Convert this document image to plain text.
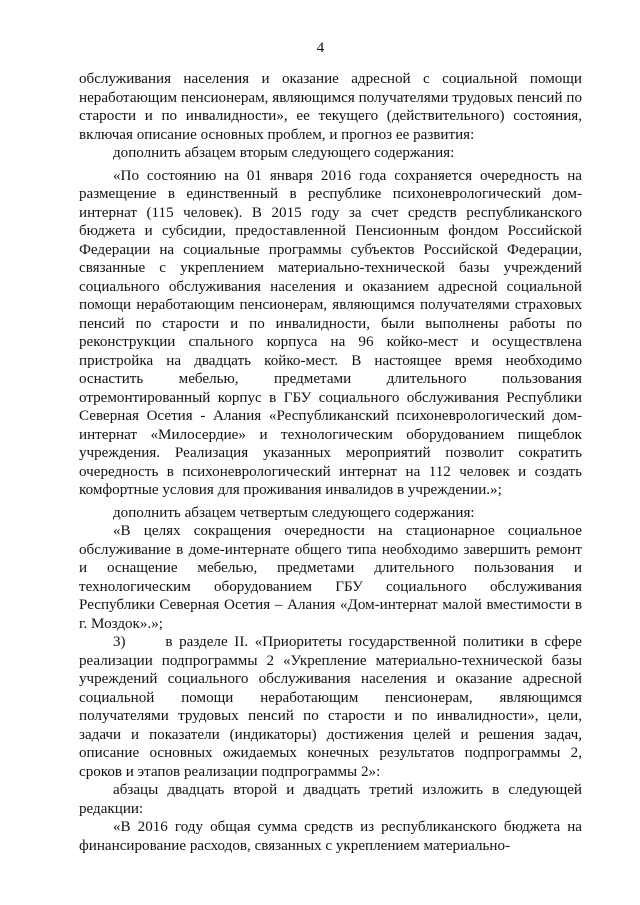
4

обслуживания населения и оказание адресной с социальной помощи неработающим пенсионерам, являющимся получателями трудовых пенсий по старости и по инвалидности», ее текущего (действительного) состояния, включая описание основных проблем, и прогноз ее развития:

дополнить абзацем вторым следующего содержания:

«По состоянию на 01 января 2016 года сохраняется очередность на размещение в единственный в республике психоневрологический дом-интернат (115 человек). В 2015 году за счет средств республиканского бюджета и субсидии, предоставленной Пенсионным фондом Российской Федерации на социальные программы субъектов Российской Федерации, связанные с укреплением материально-технической базы учреждений социального обслуживания населения и оказанием адресной социальной помощи неработающим пенсионерам, являющимся получателями страховых пенсий по старости и по инвалидности, были выполнены работы по реконструкции спального корпуса на 96 койко-мест и осуществлена пристройка на двадцать койко-мест. В настоящее время необходимо оснастить мебелью, предметами длительного пользования отремонтированный корпус в ГБУ социального обслуживания Республики Северная Осетия - Алания «Республиканский психоневрологический дом-интернат «Милосердие» и технологическим оборудованием пищеблок учреждения. Реализация указанных мероприятий позволит сократить очередность в психоневрологический интернат на 112 человек и создать комфортные условия для проживания инвалидов в учреждении.»;

дополнить абзацем четвертым следующего содержания:

«В целях сокращения очередности на стационарное социальное обслуживание в доме-интернате общего типа необходимо завершить ремонт и оснащение мебелью, предметами длительного пользования и технологическим оборудованием ГБУ социального обслуживания Республики Северная Осетия – Алания «Дом-интернат малой вместимости в г. Моздок».»;

3)      в разделе II. «Приоритеты государственной политики в сфере реализации подпрограммы 2 «Укрепление материально-технической базы учреждений социального обслуживания населения и оказание адресной социальной помощи неработающим пенсионерам, являющимся получателями трудовых пенсий по старости и по инвалидности», цели, задачи и показатели (индикаторы) достижения целей и решения задач, описание основных ожидаемых конечных результатов подпрограммы 2, сроков и этапов реализации подпрограммы 2»:

абзацы двадцать второй и двадцать третий изложить в следующей редакции:

«В 2016 году общая сумма средств из республиканского бюджета на финансирование расходов, связанных с укреплением материально-
